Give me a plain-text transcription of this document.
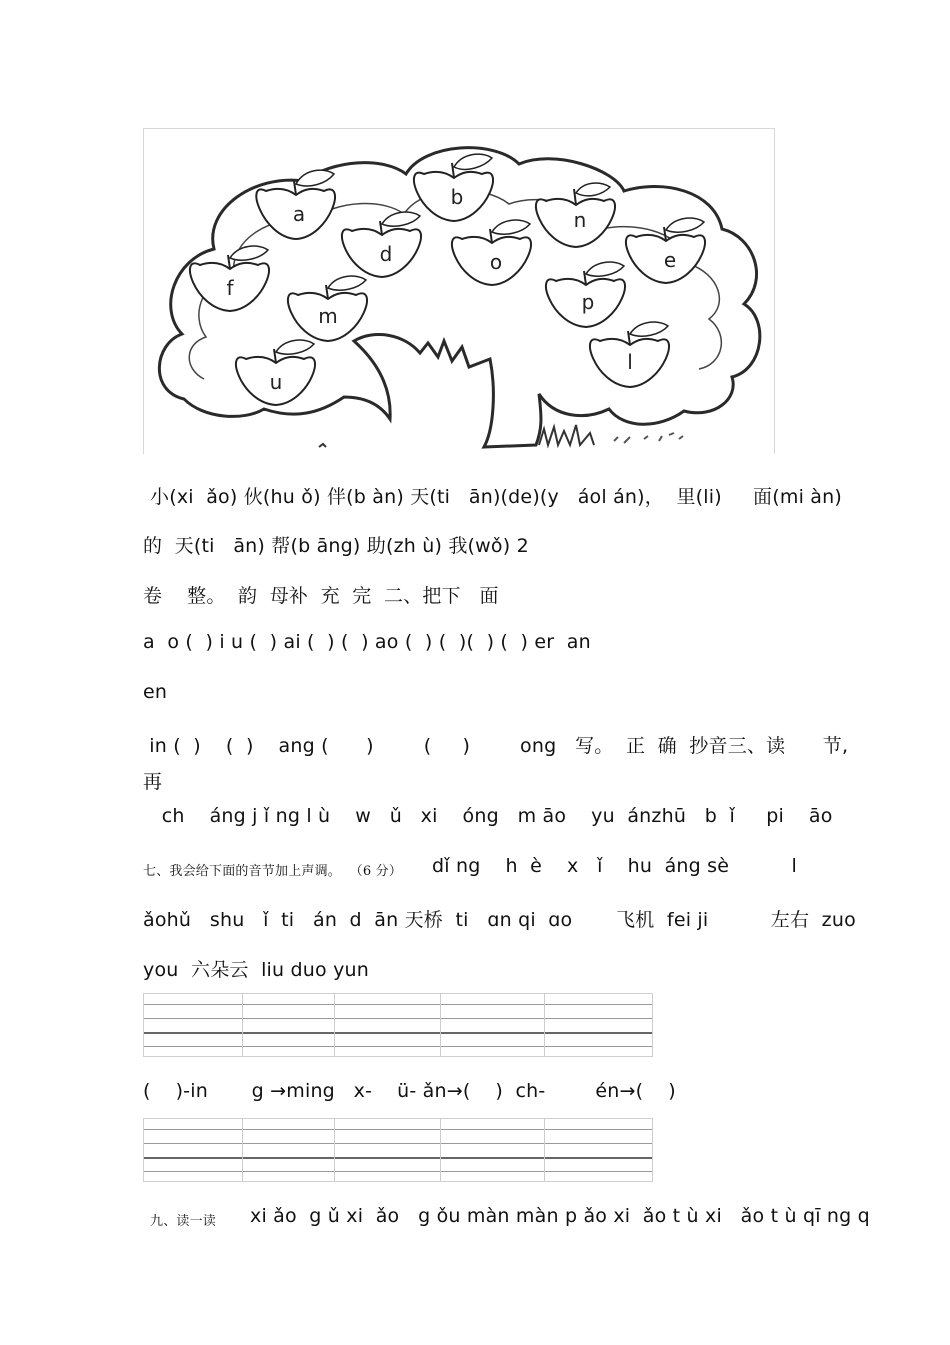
a
b
n
d	o	e
f
m
p
l
u
小(xi  ǎo) 伙(hu ǒ) 伴(b àn) 天(ti   ān)(de)(y   áol án)，  里(li)     面(mi àn)
的  天(ti   ān) 帮(b āng) 助(zh ù) 我(wǒ) 2
卷    整。  韵  母补  充  完  二、把下   面
a  o (  ) i u (  ) ai (  ) (  ) ao (  ) (  )(  ) (  ) er  an
en
in (  )    (  )    ang (      )        (     )        ong   写。  正  确  抄音三、读      节,
再
ch    áng j ǐ ng l ù    w   ǔ   xi    óng   m āo    yu  ánzhū   b  ǐ     pi    āo
七、我会给下面的音节加上声调。  （6 分） dǐ ng    h  è    x   ǐ    hu  áng sè          l
ǎohǔ   shu   ǐ  ti   án  d  ān 天桥  ti   ɑn qi  ɑo       飞机  fei ji          左右  zuo
you  六朵云  liu duo yun
(    )-in       g →ming   x-    ü- ǎn→(    )  ch-        én→(    )
九、读一读 xi ǎo  g ǔ xi  ǎo   g ǒu màn màn p ǎo xi  ǎo t ù xi   ǎo t ù qī ng q
